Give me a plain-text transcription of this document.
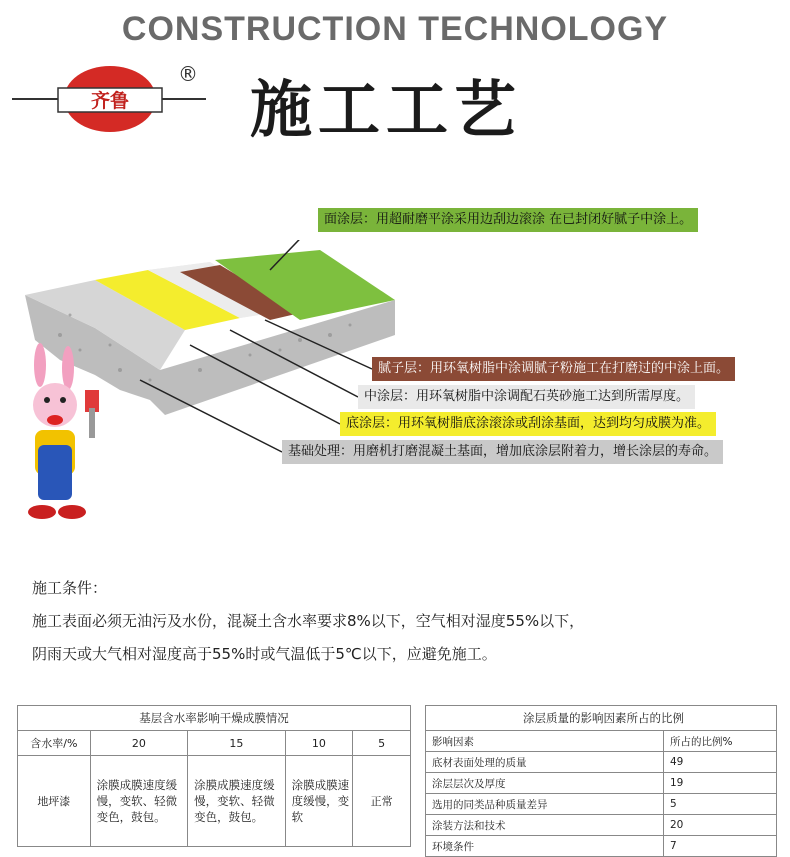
CONSTRUCTION TECHNOLOGY
施工工艺
齐鲁
®
面涂层：用超耐磨平涂采用边刮边滚涂 在已封闭好腻子中涂上。
腻子层：用环氧树脂中涂调腻子粉施工在打磨过的中涂上面。
中涂层：用环氧树脂中涂调配石英砂施工达到所需厚度。
底涂层：用环氧树脂底涂滚涂或刮涂基面，达到均匀成膜为准。
基础处理：用磨机打磨混凝土基面，增加底涂层附着力，增长涂层的寿命。
施工条件：
施工表面必须无油污及水份，混凝土含水率要求8%以下，空气相对湿度55%以下，
阴雨天或大气相对湿度高于55%时或气温低于5℃以下，应避免施工。
基层含水率影响干燥成膜情况				
含水率/%	20	15	10	5
地坪漆	涂膜成膜速度缓慢，变软、轻微变色，鼓包。	涂膜成膜速度缓慢，变软、轻微变色，鼓包。	涂膜成膜速度缓慢，变软	正常
涂层质量的影响因素所占的比例	
影响因素	所占的比例%
底材表面处理的质量	49
涂层层次及厚度	19
选用的同类品种质量差异	5
涂装方法和技术	20
环境条件	7
